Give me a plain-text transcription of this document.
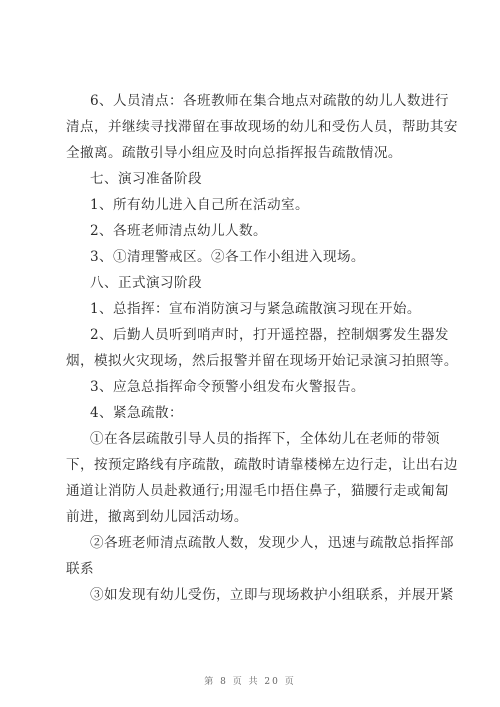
6、人员清点：各班教师在集合地点对疏散的幼儿人数进行
清点，并继续寻找滞留在事故现场的幼儿和受伤人员，帮助其安
全撤离。疏散引导小组应及时向总指挥报告疏散情况。

七、演习准备阶段

1、所有幼儿进入自己所在活动室。

2、各班老师清点幼儿人数。

3、①清理警戒区。②各工作小组进入现场。

八、正式演习阶段

1、总指挥：宣布消防演习与紧急疏散演习现在开始。

2、后勤人员听到哨声时，打开遥控器，控制烟雾发生器发
烟，模拟火灾现场，然后报警并留在现场开始记录演习拍照等。

3、应急总指挥命令预警小组发布火警报告。

4、紧急疏散：

①在各层疏散引导人员的指挥下，全体幼儿在老师的带领
下，按预定路线有序疏散，疏散时请靠楼梯左边行走，让出右边
通道让消防人员赴救通行;用湿毛巾捂住鼻子，猫腰行走或匍匐
前进，撤离到幼儿园活动场。

②各班老师清点疏散人数，发现少人，迅速与疏散总指挥部
联系

③如发现有幼儿受伤，立即与现场救护小组联系，并展开紧

第 8 页 共 20 页
